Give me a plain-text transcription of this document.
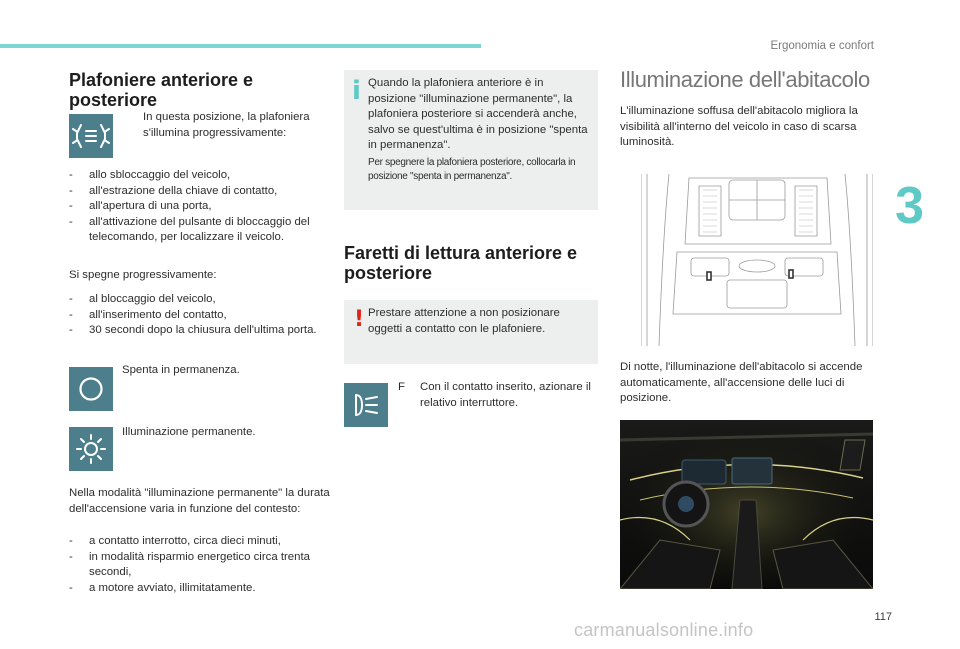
Ergonomia e confort
3
Plafoniere anteriore e
posteriore
In questa posizione, la plafoniera s'illumina progressivamente:
- allo sbloccaggio del veicolo,
- all'estrazione della chiave di contatto,
- all'apertura di una porta,
- all'attivazione del pulsante di bloccaggio del telecomando, per localizzare il veicolo.
Si spegne progressivamente:
- al bloccaggio del veicolo,
- all'inserimento del contatto,
- 30 secondi dopo la chiusura dell'ultima porta.
Spenta in permanenza.
Illuminazione permanente.
Nella modalità "illuminazione permanente" la durata dell'accensione varia in funzione del contesto:
- a contatto interrotto, circa dieci minuti,
- in modalità risparmio energetico circa trenta secondi,
- a motore avviato, illimitatamente.
i Quando la plafoniera anteriore è in posizione "illuminazione permanente", la plafoniera posteriore si accenderà anche, salvo se quest'ultima è in posizione "spenta in permanenza".
Per spegnere la plafoniera posteriore, collocarla in posizione "spenta in permanenza".
Faretti di lettura anteriore e
posteriore
! Prestare attenzione a non posizionare oggetti a contatto con le plafoniere.
F Con il contatto inserito, azionare il relativo interruttore.
Illuminazione dell'abitacolo
L'illuminazione soffusa dell'abitacolo migliora la visibilità all'interno del veicolo in caso di scarsa luminosità.
Di notte, l'illuminazione dell'abitacolo si accende automaticamente, all'accensione delle luci di posizione.
117
carmanualsonline.info
